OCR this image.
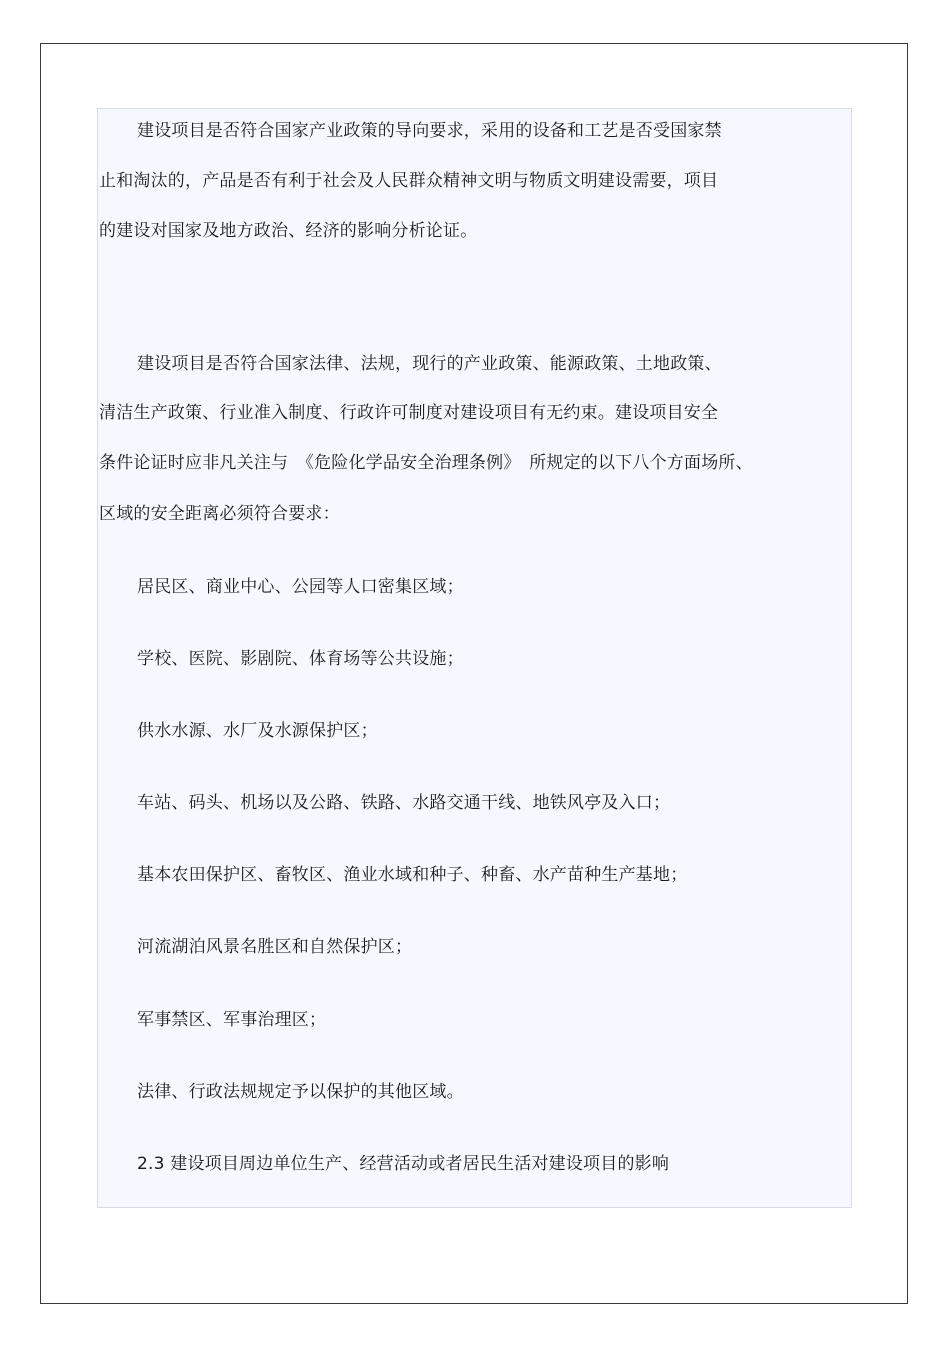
建设项目是否符合国家产业政策的导向要求，采用的设备和工艺是否受国家禁
止和淘汰的，产品是否有利于社会及人民群众精神文明与物质文明建设需要，项目
的建设对国家及地方政治、经济的影响分析论证。
建设项目是否符合国家法律、法规，现行的产业政策、能源政策、土地政策、
清洁生产政策、行业准入制度、行政许可制度对建设项目有无约束。建设项目安全
条件论证时应非凡关注与　《危险化学品安全治理条例》　所规定的以下八个方面场所、
区域的安全距离必须符合要求：
居民区、商业中心、公园等人口密集区域；
学校、医院、影剧院、体育场等公共设施；
供水水源、水厂及水源保护区；
车站、码头、机场以及公路、铁路、水路交通干线、地铁风亭及入口；
基本农田保护区、畜牧区、渔业水域和种子、种畜、水产苗种生产基地；
河流湖泊风景名胜区和自然保护区；
军事禁区、军事治理区；
法律、行政法规规定予以保护的其他区域。
2.3 建设项目周边单位生产、经营活动或者居民生活对建设项目的影响
